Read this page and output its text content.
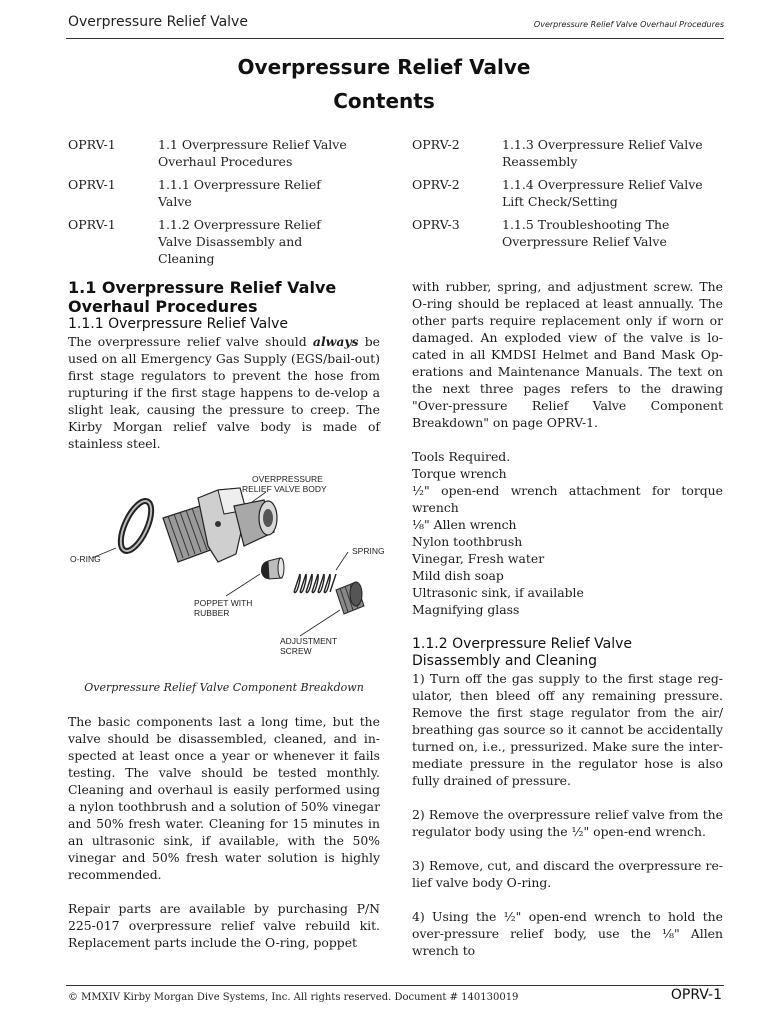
Overpressure Relief Valve	Overpressure Relief Valve Overhaul Procedures
Overpressure Relief Valve
Contents
OPRV-1	1.1 Overpressure Relief Valve Overhaul Procedures
OPRV-1	1.1.1 Overpressure Relief Valve
OPRV-1	1.1.2 Overpressure Relief Valve Disassembly and Cleaning
OPRV-2	1.1.3 Overpressure Relief Valve Reassembly
OPRV-2	1.1.4 Overpressure Relief Valve Lift Check/Setting
OPRV-3	1.1.5 Troubleshooting The Overpressure Relief Valve
1.1 Overpressure Relief Valve Overhaul Procedures
1.1.1 Overpressure Relief Valve

The overpressure relief valve should always be used on all Emergency Gas Supply (EGS/bail-out) first stage regulators to prevent the hose from rupturing if the first stage happens to de-velop a slight leak, causing the pressure to creep. The Kirby Morgan relief valve body is made of stainless steel.

OVERPRESSURE
RELIEF VALVE BODY
O-RING
SPRING
POPPET WITH
RUBBER
ADJUSTMENT
SCREW
Overpressure Relief Valve Component Breakdown

The basic components last a long time, but the valve should be disassembled, cleaned, and in-spected at least once a year or whenever it fails testing. The valve should be tested monthly. Cleaning and overhaul is easily performed using a nylon toothbrush and a solution of 50% vinegar and 50% fresh water. Cleaning for 15 minutes in an ultrasonic sink, if available, with the 50% vinegar and 50% fresh water solution is highly recommended.

Repair parts are available by purchasing P/N 225-017 overpressure relief valve rebuild kit. Replacement parts include the O-ring, poppet

with rubber, spring, and adjustment screw. The O-ring should be replaced at least annually. The other parts require replacement only if worn or damaged. An exploded view of the valve is lo-cated in all KMDSI Helmet and Band Mask Op-erations and Maintenance Manuals. The text on the next three pages refers to the drawing "Over-pressure Relief Valve Component Breakdown" on page OPRV-1.

Tools Required.
Torque wrench
½" open-end wrench attachment for torque wrench
⅛" Allen wrench
Nylon toothbrush
Vinegar, Fresh water
Mild dish soap
Ultrasonic sink, if available
Magnifying glass
1.1.2 Overpressure Relief Valve Disassembly and Cleaning

1) Turn off the gas supply to the first stage reg-ulator, then bleed off any remaining pressure. Remove the first stage regulator from the air/ breathing gas source so it cannot be accidentally turned on, i.e., pressurized. Make sure the inter-mediate pressure in the regulator hose is also fully drained of pressure.

2) Remove the overpressure relief valve from the regulator body using the ½" open-end wrench.

3) Remove, cut, and discard the overpressure re-lief valve body O-ring.

4) Using the ½" open-end wrench to hold the over-pressure relief body, use the ⅛" Allen wrench to

© MMXIV Kirby Morgan Dive Systems, Inc. All rights reserved. Document # 140130019	OPRV-1
